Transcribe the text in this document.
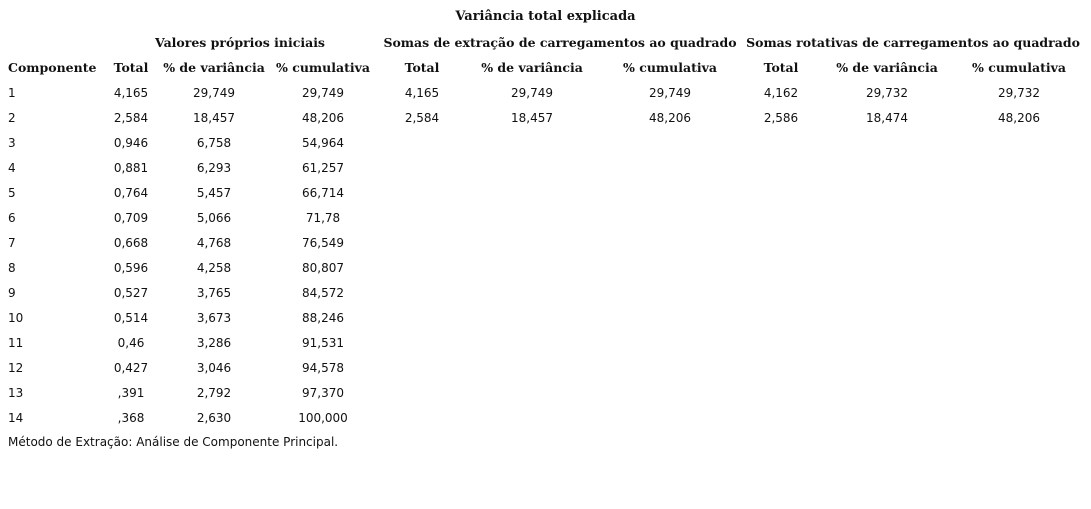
Variância total explicada
	Valores próprios iniciais			Somas de extração de carregamentos ao quadrado			Somas rotativas de carregamentos ao quadrado		
Componente	Total	% de variância	% cumulativa	Total	% de variância	% cumulativa	Total	% de variância	% cumulativa
1	4,165	29,749	29,749	4,165	29,749	29,749	4,162	29,732	29,732
2	2,584	18,457	48,206	2,584	18,457	48,206	2,586	18,474	48,206
3	0,946	6,758	54,964						
4	0,881	6,293	61,257						
5	0,764	5,457	66,714						
6	0,709	5,066	71,78						
7	0,668	4,768	76,549						
8	0,596	4,258	80,807						
9	0,527	3,765	84,572						
10	0,514	3,673	88,246						
11	0,46	3,286	91,531						
12	0,427	3,046	94,578						
13	,391	2,792	97,370						
14	,368	2,630	100,000						
Método de Extração: Análise de Componente Principal.
